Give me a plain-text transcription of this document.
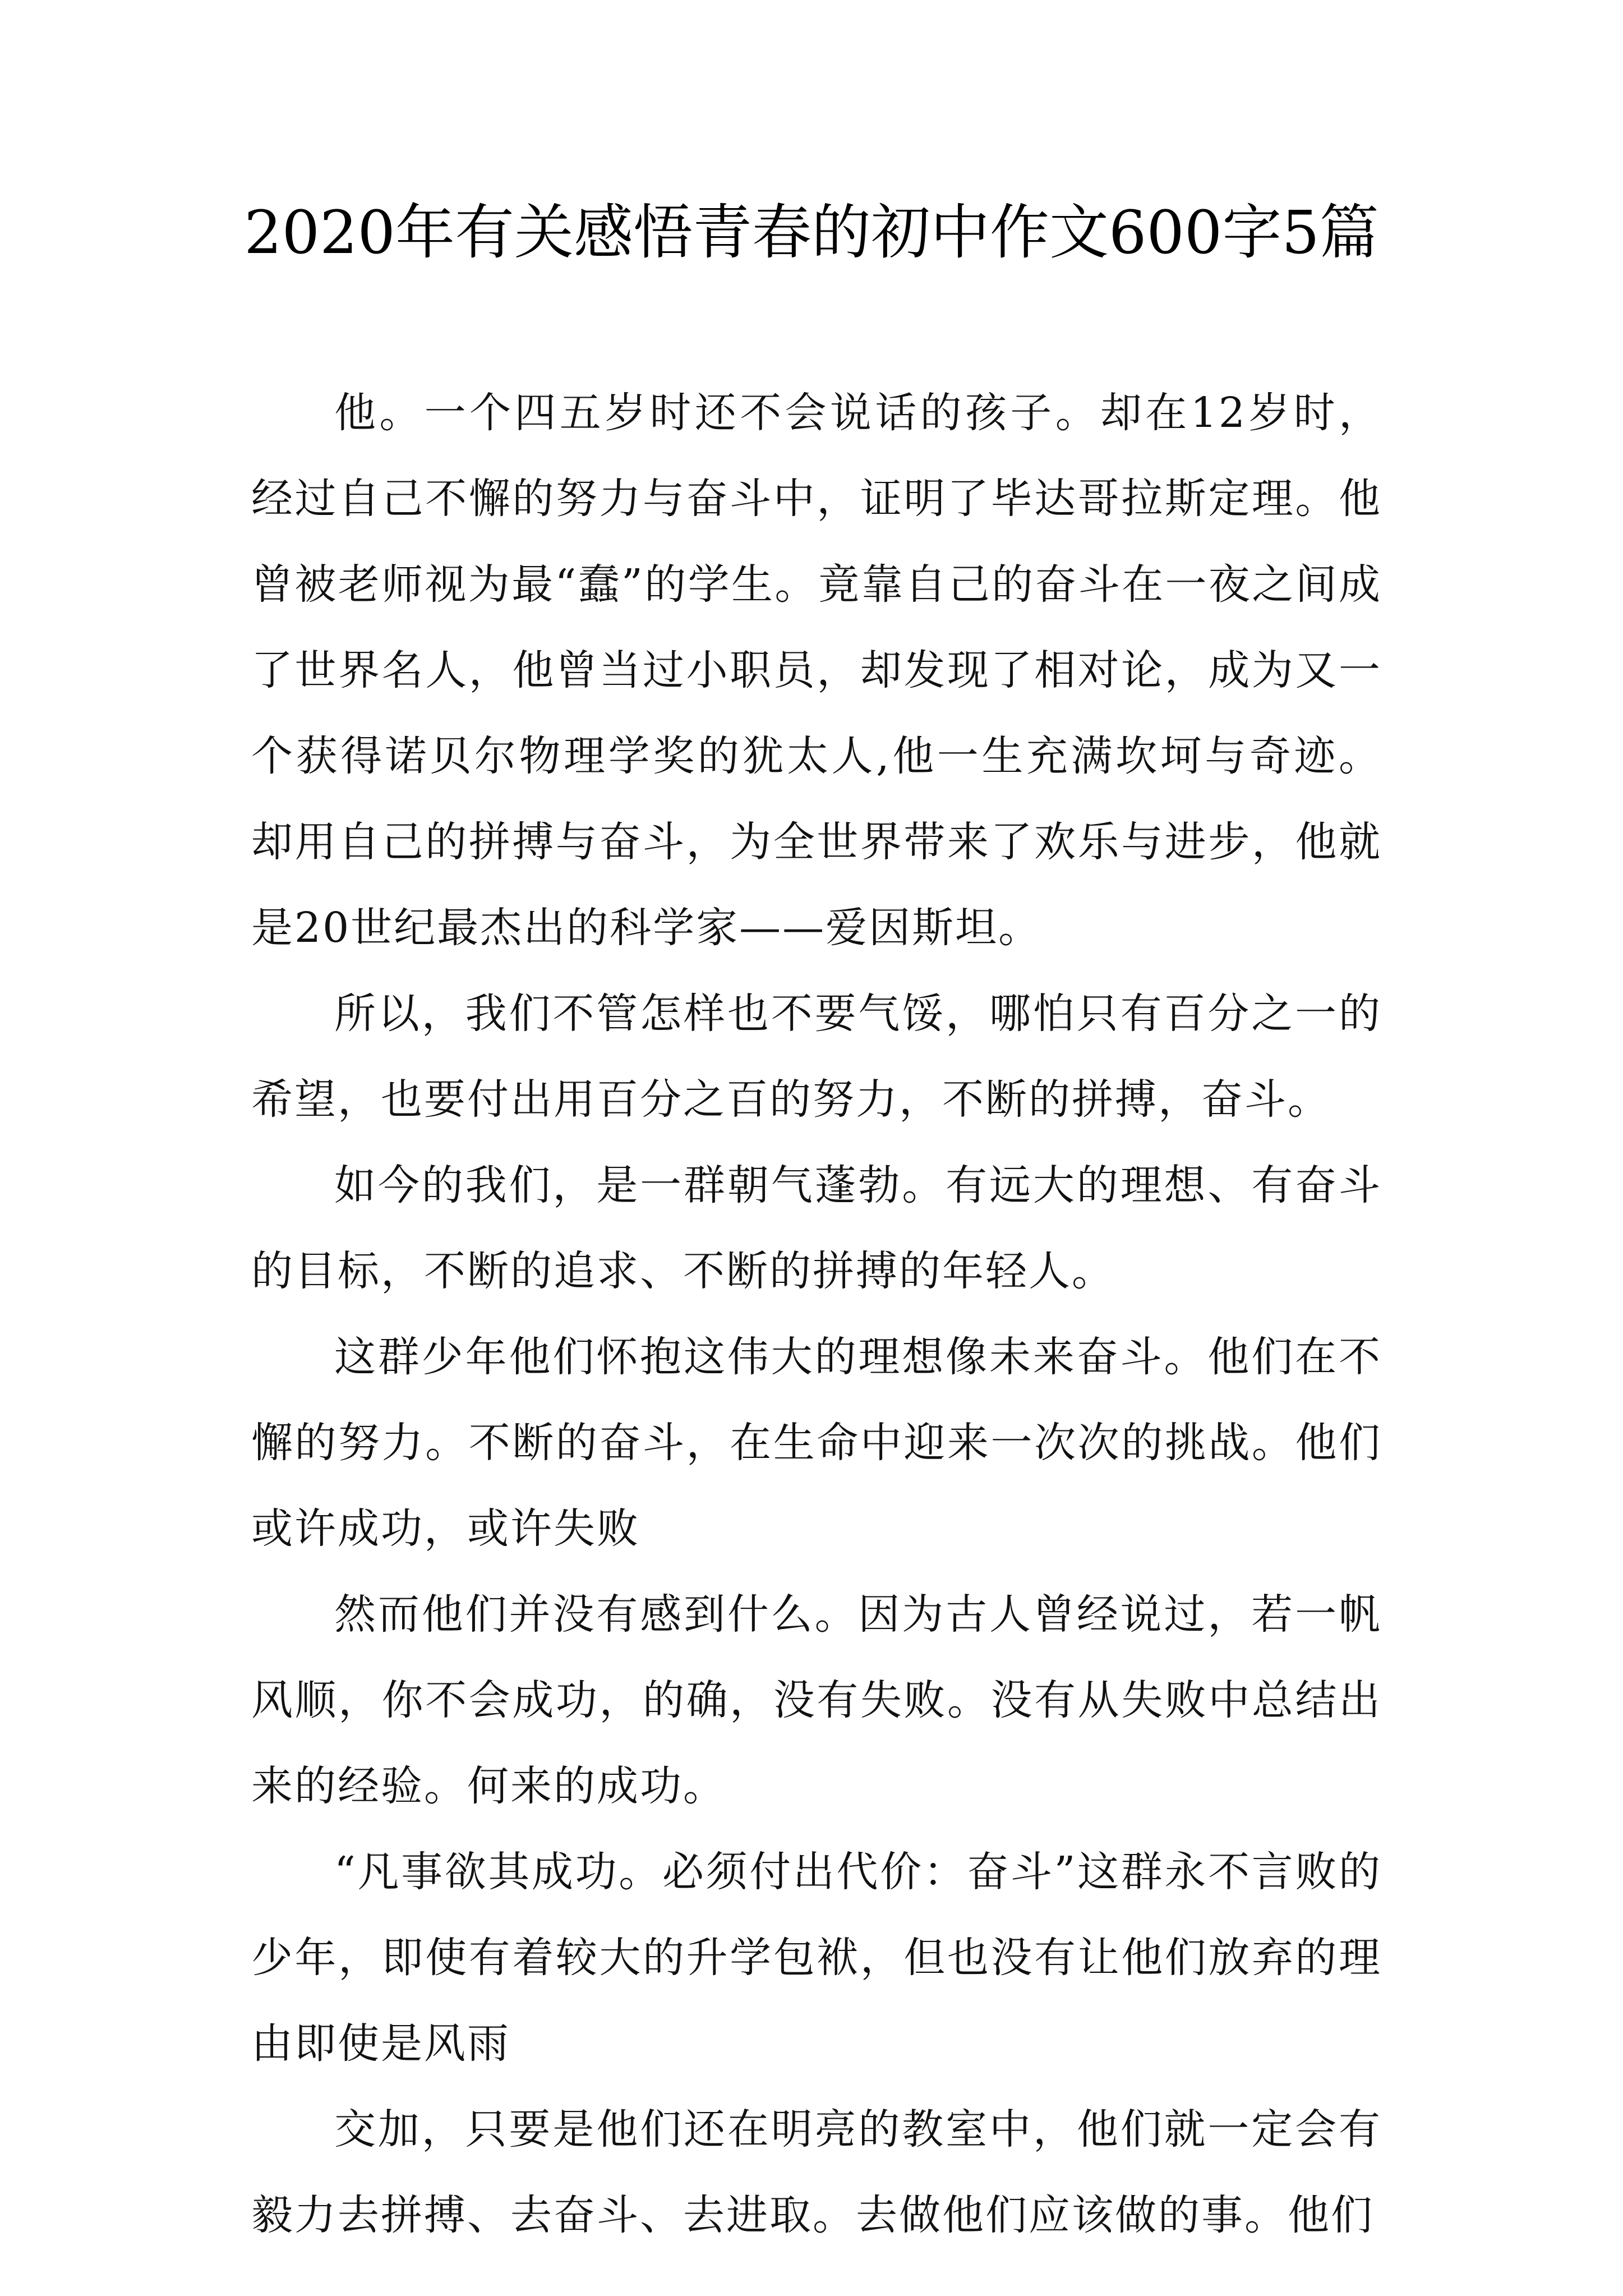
2020年有关感悟青春的初中作文600字5篇

他。一个四五岁时还不会说话的孩子。却在12岁时，经过自己不懈的努力与奋斗中，证明了毕达哥拉斯定理。他曾被老师视为最“蠢”的学生。竟靠自己的奋斗在一夜之间成了世界名人，他曾当过小职员，却发现了相对论，成为又一个获得诺贝尔物理学奖的犹太人,他一生充满坎坷与奇迹。却用自己的拼搏与奋斗，为全世界带来了欢乐与进步，他就是20世纪最杰出的科学家——爱因斯坦。

所以，我们不管怎样也不要气馁，哪怕只有百分之一的希望，也要付出用百分之百的努力，不断的拼搏，奋斗。

如今的我们，是一群朝气蓬勃。有远大的理想、有奋斗的目标，不断的追求、不断的拼搏的年轻人。

这群少年他们怀抱这伟大的理想像未来奋斗。他们在不懈的努力。不断的奋斗，在生命中迎来一次次的挑战。他们或许成功，或许失败

然而他们并没有感到什么。因为古人曾经说过，若一帆风顺，你不会成功，的确，没有失败。没有从失败中总结出来的经验。何来的成功。

“凡事欲其成功。必须付出代价：奋斗”这群永不言败的少年，即使有着较大的升学包袱，但也没有让他们放弃的理由即使是风雨

交加，只要是他们还在明亮的教室中，他们就一定会有毅力去拼搏、去奋斗、去进取。去做他们应该做的事。他们
